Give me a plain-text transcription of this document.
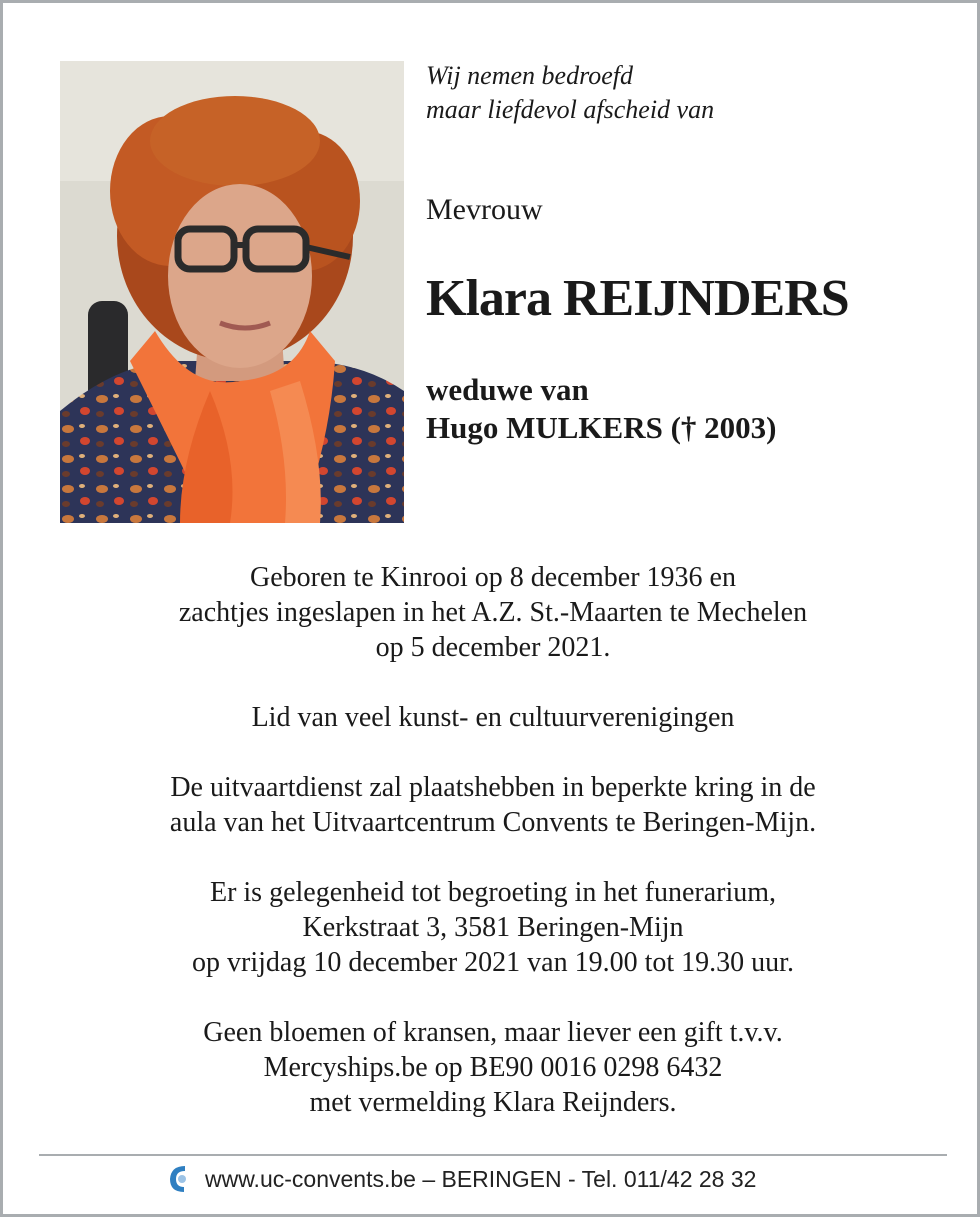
Wij nemen bedroefd
maar liefdevol afscheid van
Mevrouw
Klara REIJNDERS
weduwe van
Hugo MULKERS († 2003)
Geboren te Kinrooi op 8 december 1936 en
zachtjes ingeslapen in het A.Z. St.-Maarten te Mechelen
op 5 december 2021.
Lid van veel kunst- en cultuurverenigingen
De uitvaartdienst zal plaatshebben in beperkte kring in de
aula van het Uitvaartcentrum Convents te Beringen-Mijn.
Er is gelegenheid tot begroeting in het funerarium,
Kerkstraat 3, 3581 Beringen-Mijn
op vrijdag 10 december 2021 van 19.00 tot 19.30 uur.
Geen bloemen of kransen, maar liever een gift t.v.v.
Mercyships.be op BE90 0016 0298 6432
met vermelding Klara Reijnders.
www.uc-convents.be – BERINGEN - Tel. 011/42 28 32
